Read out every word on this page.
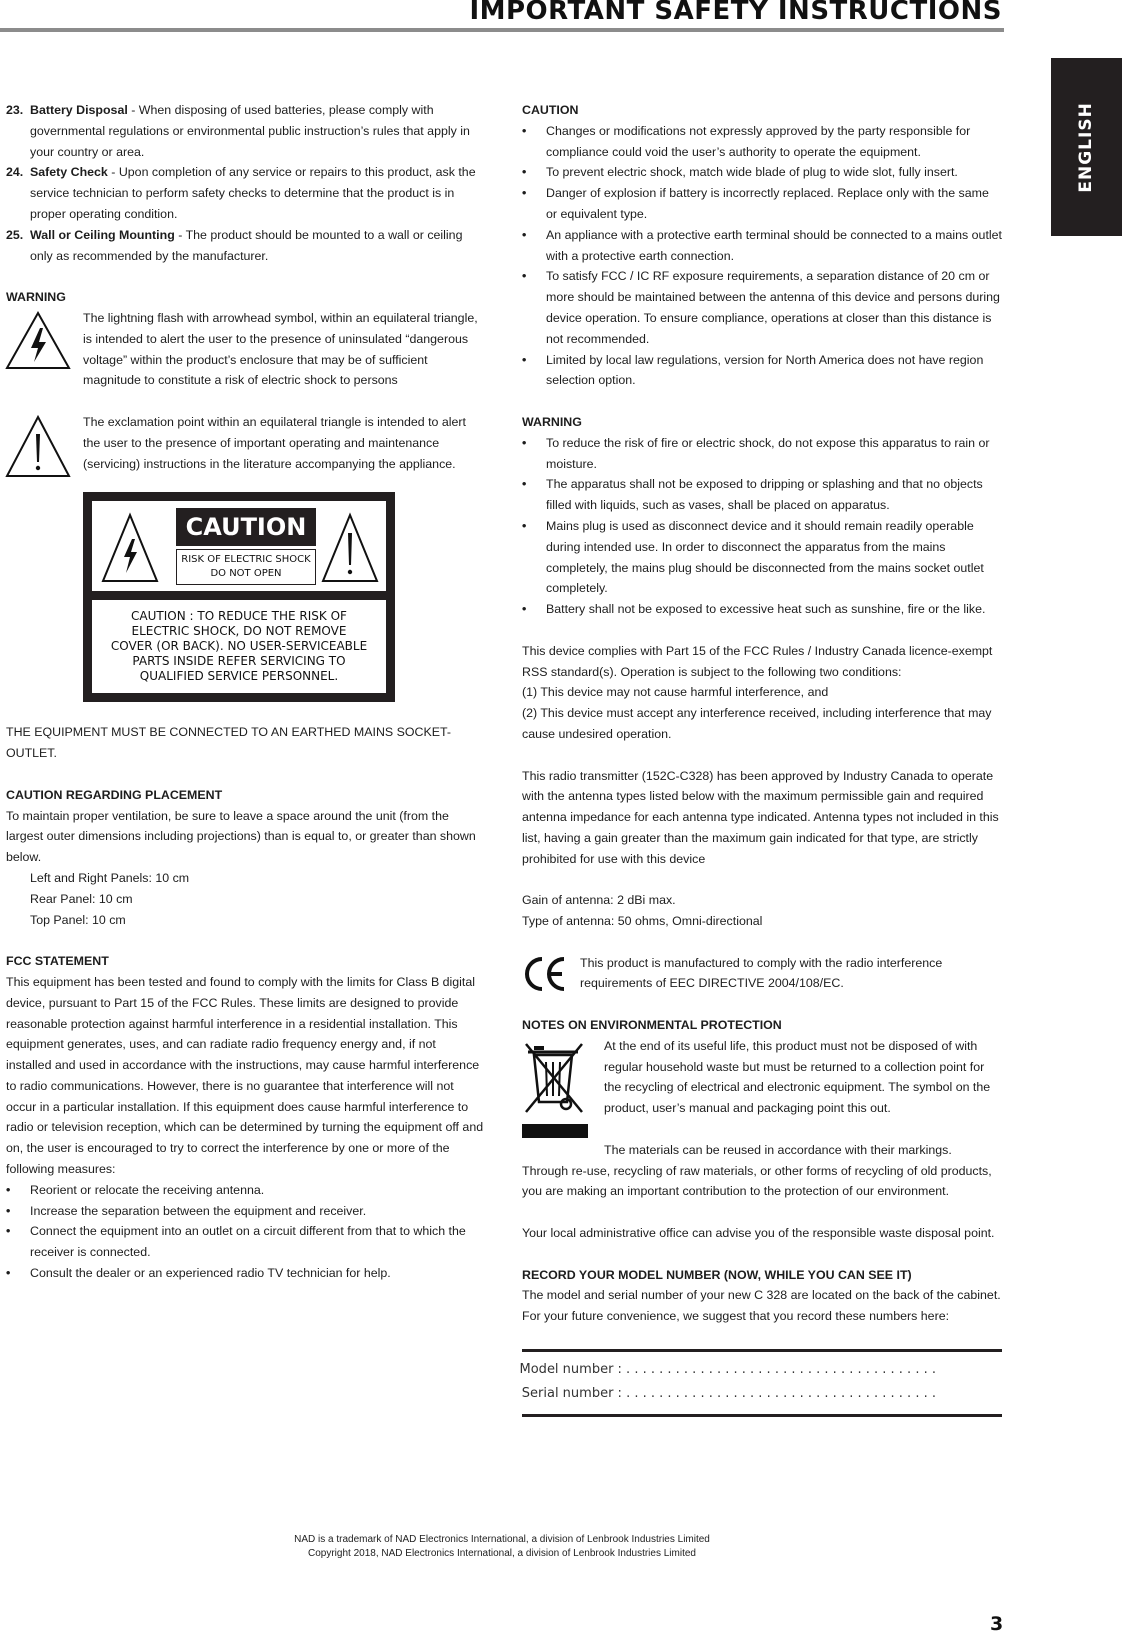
IMPORTANT SAFETY INSTRUCTIONS
ENGLISH
23. Battery Disposal - When disposing of used batteries, please comply with governmental regulations or environmental public instruction’s rules that apply in your country or area.
24. Safety Check - Upon completion of any service or repairs to this product, ask the service technician to perform safety checks to determine that the product is in proper operating condition.
25. Wall or Ceiling Mounting - The product should be mounted to a wall or ceiling only as recommended by the manufacturer.

WARNING

The lightning flash with arrowhead symbol, within an equilateral triangle, is intended to alert the user to the presence of uninsulated “dangerous voltage” within the product’s enclosure that may be of sufficient magnitude to constitute a risk of electric shock to persons

The exclamation point within an equilateral triangle is intended to alert the user to the presence of important operating and maintenance (servicing) instructions in the literature accompanying the appliance.

CAUTION
RISK OF ELECTRIC SHOCK
DO NOT OPEN
CAUTION : TO REDUCE THE RISK OF
ELECTRIC SHOCK, DO NOT REMOVE
COVER (OR BACK). NO USER-SERVICEABLE
PARTS INSIDE REFER SERVICING TO
QUALIFIED SERVICE PERSONNEL.

THE EQUIPMENT MUST BE CONNECTED TO AN EARTHED MAINS SOCKET-OUTLET.

CAUTION REGARDING PLACEMENT

To maintain proper ventilation, be sure to leave a space around the unit (from the largest outer dimensions including projections) than is equal to, or greater than shown below.

Left and Right Panels: 10 cm

Rear Panel: 10 cm

Top Panel: 10 cm

FCC STATEMENT

This equipment has been tested and found to comply with the limits for Class B digital device, pursuant to Part 15 of the FCC Rules. These limits are designed to provide reasonable protection against harmful interference in a residential installation. This equipment generates, uses, and can radiate radio frequency energy and, if not installed and used in accordance with the instructions, may cause harmful interference to radio communications. However, there is no guarantee that interference will not occur in a particular installation. If this equipment does cause harmful interference to radio or television reception, which can be determined by turning the equipment off and on, the user is encouraged to try to correct the interference by one or more of the following measures:

• Reorient or relocate the receiving antenna.
• Increase the separation between the equipment and receiver.
• Connect the equipment into an outlet on a circuit different from that to which the receiver is connected.
• Consult the dealer or an experienced radio TV technician for help.

CAUTION

• Changes or modifications not expressly approved by the party responsible for compliance could void the user’s authority to operate the equipment.
• To prevent electric shock, match wide blade of plug to wide slot, fully insert.
• Danger of explosion if battery is incorrectly replaced. Replace only with the same or equivalent type.
• An appliance with a protective earth terminal should be connected to a mains outlet with a protective earth connection.
• To satisfy FCC / IC RF exposure requirements, a separation distance of 20 cm or more should be maintained between the antenna of this device and persons during device operation. To ensure compliance, operations at closer than this distance is not recommended.
• Limited by local law regulations, version for North America does not have region selection option.

WARNING

• To reduce the risk of fire or electric shock, do not expose this apparatus to rain or moisture.
• The apparatus shall not be exposed to dripping or splashing and that no objects filled with liquids, such as vases, shall be placed on apparatus.
• Mains plug is used as disconnect device and it should remain readily operable during intended use. In order to disconnect the apparatus from the mains completely, the mains plug should be disconnected from the mains socket outlet completely.
• Battery shall not be exposed to excessive heat such as sunshine, fire or the like.

This device complies with Part 15 of the FCC Rules / Industry Canada licence-exempt RSS standard(s). Operation is subject to the following two conditions:

(1) This device may not cause harmful interference, and

(2) This device must accept any interference received, including interference that may cause undesired operation.

This radio transmitter (152C-C328) has been approved by Industry Canada to operate with the antenna types listed below with the maximum permissible gain and required antenna impedance for each antenna type indicated. Antenna types not included in this list, having a gain greater than the maximum gain indicated for that type, are strictly prohibited for use with this device

Gain of antenna: 2 dBi max.

Type of antenna: 50 ohms, Omni-directional

This product is manufactured to comply with the radio interference requirements of EEC DIRECTIVE 2004/108/EC.

NOTES ON ENVIRONMENTAL PROTECTION

At the end of its useful life, this product must not be disposed of with regular household waste but must be returned to a collection point for the recycling of electrical and electronic equipment. The symbol on the product, user’s manual and packaging point this out.

The materials can be reused in accordance with their markings.

Through re-use, recycling of raw materials, or other forms of recycling of old products, you are making an important contribution to the protection of our environment.

Your local administrative office can advise you of the responsible waste disposal point.

RECORD YOUR MODEL NUMBER (NOW, WHILE YOU CAN SEE IT)

The model and serial number of your new C 328 are located on the back of the cabinet. For your future convenience, we suggest that you record these numbers here:

Model number : . . . . . . . . . . . . . . . . . . . . . . . . . . . . . . . . . . . . . .
Serial number : . . . . . . . . . . . . . . . . . . . . . . . . . . . . . . . . . . . . . .
NAD is a trademark of NAD Electronics International, a division of Lenbrook Industries Limited
Copyright 2018, NAD Electronics International, a division of Lenbrook Industries Limited
3
